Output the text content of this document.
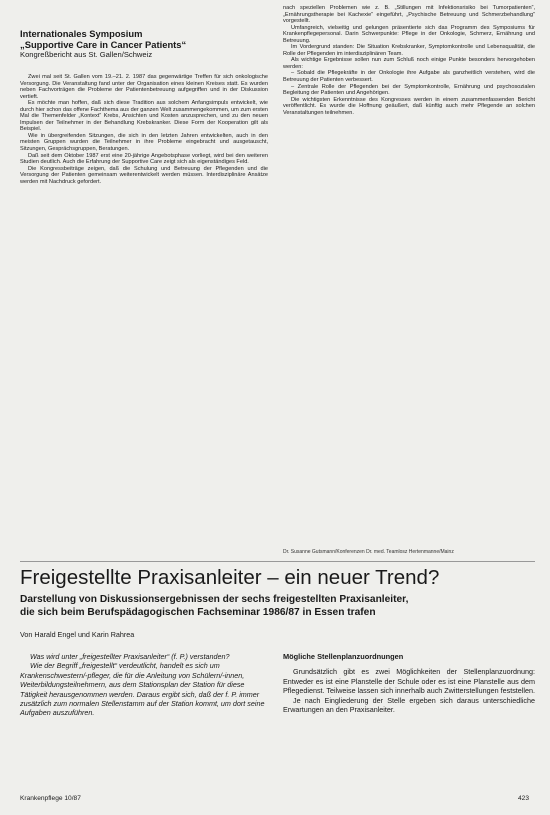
Internationales Symposium
„Supportive Care in Cancer Patients“
Kongreßbericht aus St. Gallen/Schweiz

Zwei mal seit St. Gallen vom 19.–21. 2. 1987 das gegenwärtige Treffen für sich onkologische Versorgung. Die Veranstaltung fand unter der Organisation eines kleinen Kreises statt. Es wurden neben Fachvorträgen die Probleme der Patientenbetreuung aufgegriffen und in der Diskussion vertieft.

Es möchte man hoffen, daß sich diese Tradition aus solchem Anfangsimpuls entwickelt, wie durch hier schon das offene Fachthema aus der ganzen Welt zusammengekommen, um zum ersten Mal die Themenfelder „Kontext“ Krebs, Ansichten und Kosten anzusprechen, und zu den neuen Impulsen der Teilnehmer in der Behandlung Krebskranker. Diese Form der Kooperation gilt als Beispiel.

Wie in übergreifenden Sitzungen, die sich in den letzten Jahren entwickelten, auch in den meisten Gruppen wurden die Teilnehmer in ihre Probleme eingebracht und ausgetauscht, Sitzungen, Gesprächsgruppen, Beratungen.

Daß seit dem Oktober 1987 erst eine 20-jährige Angebotsphase vorliegt, wird bei den weiteren Studien deutlich. Auch die Erfahrung der Supportive Care zeigt sich als eigenständiges Feld.

Die Kongressbeiträge zeigen, daß die Schulung und Betreuung der Pflegenden und die Versorgung der Patienten gemeinsam weiterentwickelt werden müssen. Interdisziplinäre Ansätze werden mit Nachdruck gefordert.

nach speziellen Problemen wie z. B. „Stillungen mit Infektionsrisiko bei Tumorpatienten“, „Ernährungstherapie bei Kachexie“ eingeführt, „Psychische Betreuung und Schmerzbehandlung“ vorgestellt.

Umfangreich, vielseitig und gelungen präsentierte sich das Programm des Symposiums für Krankenpflegepersonal. Darin Schwerpunkte: Pflege in der Onkologie, Schmerz, Ernährung und Betreuung.

Im Vordergrund standen: Die Situation Krebskranker, Symptomkontrolle und Lebensqualität, die Rolle der Pflegenden im interdisziplinären Team.

Als wichtige Ergebnisse sollen nun zum Schluß noch einige Punkte besonders hervorgehoben werden:

– Sobald die Pflegekräfte in der Onkologie ihre Aufgabe als ganzheitlich verstehen, wird die Betreuung der Patienten verbessert.

– Zentrale Rolle der Pflegenden bei der Symptomkontrolle, Ernährung und psychosozialen Begleitung der Patienten und Angehörigen.

Die wichtigsten Erkenntnisse des Kongresses werden in einem zusammenfassenden Bericht veröffentlicht. Es wurde die Hoffnung geäußert, daß künftig auch mehr Pflegende an solchen Veranstaltungen teilnehmen.

Dr. Susanne Gutsmann/Konferenzen Dr. med. Teamlosz Hertenmanne/Mainz
Freigestellte Praxisanleiter – ein neuer Trend?
Darstellung von Diskussionsergebnissen der sechs freigestellten Praxisanleiter,
die sich beim Berufspädagogischen Fachseminar 1986/87 in Essen trafen
Von Harald Engel und Karin Rahrea

Was wird unter „freigestellter Praxisanleiter“ (f. P.) verstanden?

Wie der Begriff „freigestellt“ verdeutlicht, handelt es sich um Krankenschwestern/-pfleger, die für die Anleitung von Schülern/-innen, Weiterbildungsteilnehmern, aus dem Stationsplan der Station für diese Tätigkeit herausgenommen werden. Daraus ergibt sich, daß der f. P. immer zusätzlich zum normalen Stellenstamm auf der Station kommt, um dort seine Aufgaben auszuführen.

Mögliche Stellenplanzuordnungen

Grundsätzlich gibt es zwei Möglichkeiten der Stellenplanzuordnung: Entweder es ist eine Planstelle der Schule oder es ist eine Planstelle aus dem Pflegedienst. Teilweise lassen sich innerhalb auch Zwitterstellungen feststellen.

Je nach Eingliederung der Stelle ergeben sich daraus unterschiedliche Erwartungen an den Praxisanleiter.

Krankenpflege 10/87	423
